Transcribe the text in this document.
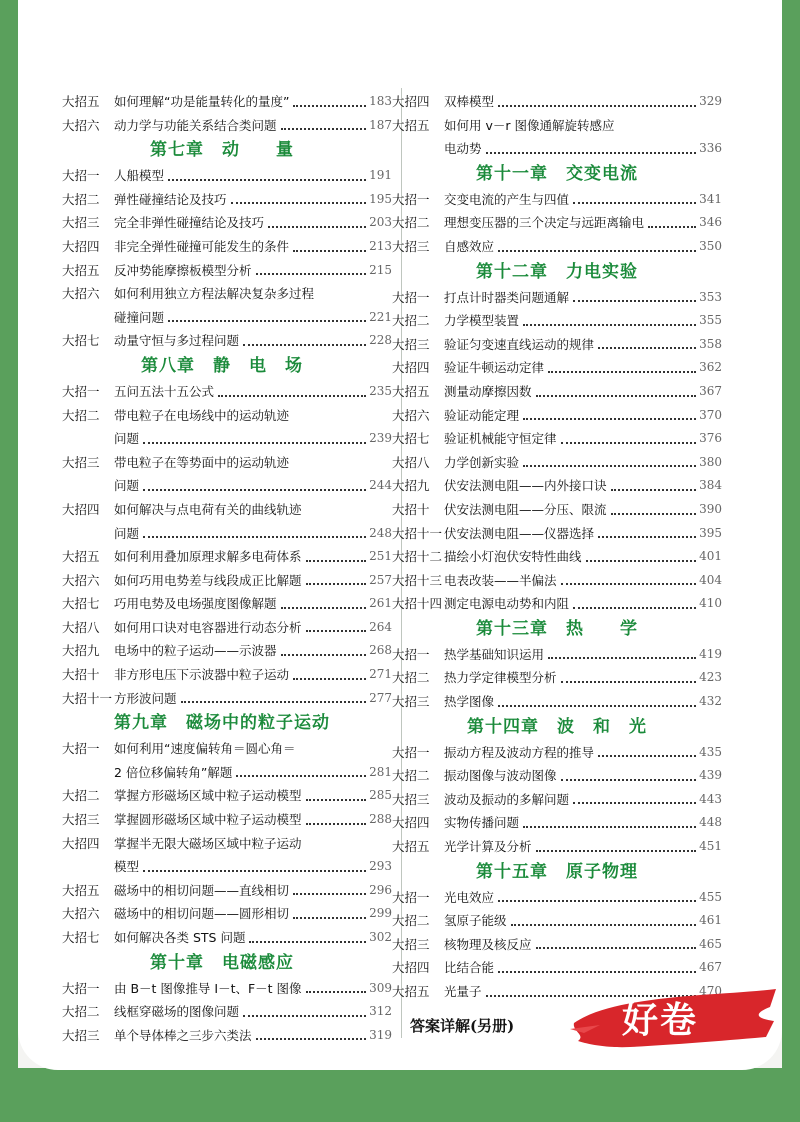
大招五	如何理解“功是能量转化的量度”	183
大招六	动力学与功能关系结合类问题	187
第七章　动　　量
大招一	人船模型	191
大招二	弹性碰撞结论及技巧	195
大招三	完全非弹性碰撞结论及技巧	203
大招四	非完全弹性碰撞可能发生的条件	213
大招五	反冲势能摩擦板模型分析	215
大招六	如何利用独立方程法解决复杂多过程
碰撞问题	221
大招七	动量守恒与多过程问题	228
第八章　静　电　场
大招一	五问五法十五公式	235
大招二	带电粒子在电场线中的运动轨迹
问题	239
大招三	带电粒子在等势面中的运动轨迹
问题	244
大招四	如何解决与点电荷有关的曲线轨迹
问题	248
大招五	如何利用叠加原理求解多电荷体系	251
大招六	如何巧用电势差与线段成正比解题	257
大招七	巧用电势及电场强度图像解题	261
大招八	如何用口诀对电容器进行动态分析	264
大招九	电场中的粒子运动——示波器	268
大招十	非方形电压下示波器中粒子运动	271
大招十一 方形波问题	277
第九章　磁场中的粒子运动
大招一	如何利用“速度偏转角＝圆心角＝
2 倍位移偏转角”解题	281
大招二	掌握方形磁场区域中粒子运动模型	285
大招三	掌握圆形磁场区域中粒子运动模型	288
大招四	掌握半无限大磁场区域中粒子运动
模型	293
大招五	磁场中的相切问题——直线相切	296
大招六	磁场中的相切问题——圆形相切	299
大招七	如何解决各类 STS 问题	302
第十章　电磁感应
大招一	由 B－t 图像推导 I－t、F－t 图像	309
大招二	线框穿磁场的图像问题	312
大招三	单个导体棒之三步六类法	319
大招四	双棒模型	329
大招五	如何用 v－r 图像通解旋转感应
电动势	336
第十一章　交变电流
大招一	交变电流的产生与四值	341
大招二	理想变压器的三个决定与远距离输电	346
大招三	自感效应	350
第十二章　力电实验
大招一	打点计时器类问题通解	353
大招二	力学模型装置	355
大招三	验证匀变速直线运动的规律	358
大招四	验证牛顿运动定律	362
大招五	测量动摩擦因数	367
大招六	验证动能定理	370
大招七	验证机械能守恒定律	376
大招八	力学创新实验	380
大招九	伏安法测电阻——内外接口诀	384
大招十	伏安法测电阻——分压、限流	390
大招十一 伏安法测电阻——仪器选择	395
大招十二 描绘小灯泡伏安特性曲线	401
大招十三 电表改装——半偏法	404
大招十四 测定电源电动势和内阻	410
第十三章　热　　学
大招一	热学基础知识运用	419
大招二	热力学定律模型分析	423
大招三	热学图像	432
第十四章　波　和　光
大招一	振动方程及波动方程的推导	435
大招二	振动图像与波动图像	439
大招三	波动及振动的多解问题	443
大招四	实物传播问题	448
大招五	光学计算及分析	451
第十五章　原子物理
大招一	光电效应	455
大招二	氢原子能级	461
大招三	核物理及核反应	465
大招四	比结合能	467
大招五	光量子	470
答案详解(另册)	好卷
